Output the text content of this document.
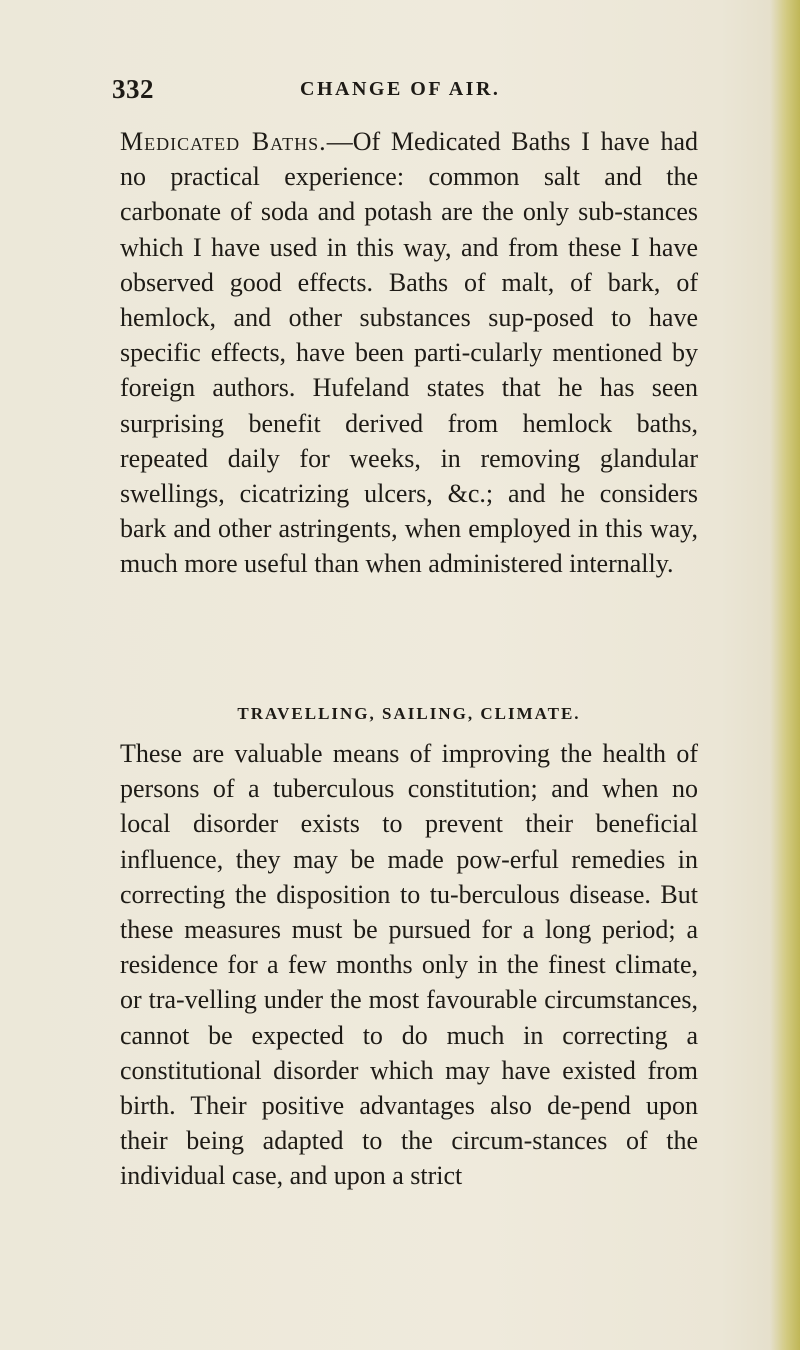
332	CHANGE OF AIR.

Medicated Baths.—Of Medicated Baths I have had no practical experience: common salt and the carbonate of soda and potash are the only sub-stances which I have used in this way, and from these I have observed good effects. Baths of malt, of bark, of hemlock, and other substances sup-posed to have specific effects, have been parti-cularly mentioned by foreign authors. Hufeland states that he has seen surprising benefit derived from hemlock baths, repeated daily for weeks, in removing glandular swellings, cicatrizing ulcers, &c.; and he considers bark and other astringents, when employed in this way, much more useful than when administered internally.

TRAVELLING, SAILING, CLIMATE.

These are valuable means of improving the health of persons of a tuberculous constitution; and when no local disorder exists to prevent their beneficial influence, they may be made pow-erful remedies in correcting the disposition to tu-berculous disease. But these measures must be pursued for a long period; a residence for a few months only in the finest climate, or tra-velling under the most favourable circumstances, cannot be expected to do much in correcting a constitutional disorder which may have existed from birth. Their positive advantages also de-pend upon their being adapted to the circum-stances of the individual case, and upon a strict
